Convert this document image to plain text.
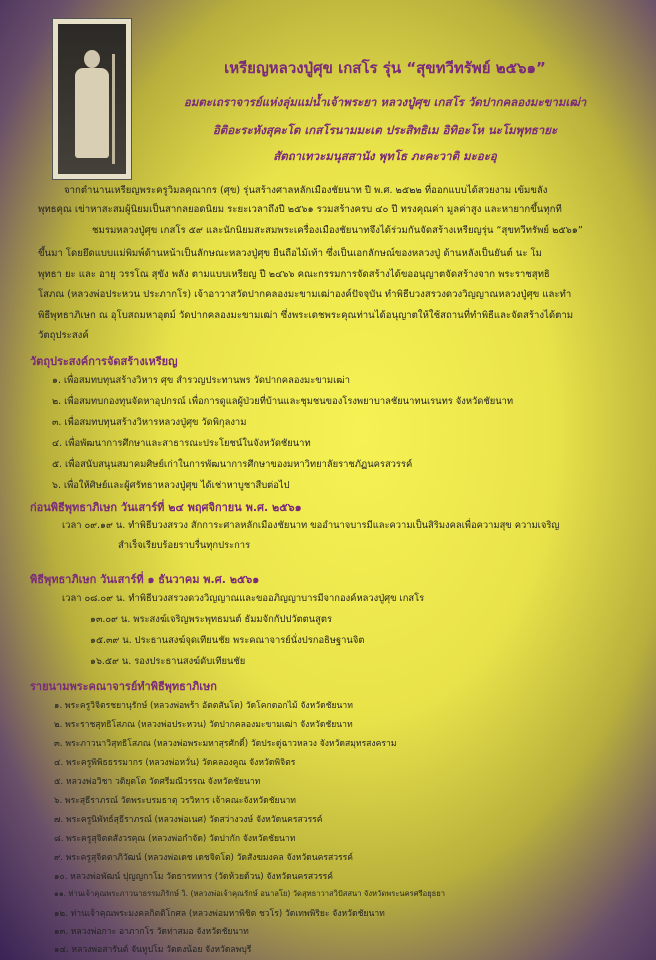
เหรียญหลวงปู่ศุข เกสโร รุ่น “สุขทวีทรัพย์ ๒๕๖๑”
อมตะเถราจารย์แห่งลุ่มแม่น้ำเจ้าพระยา หลวงปู่ศุข เกสโร วัดปากคลองมะขามเฒ่า
อิติอะระหังสุคะโต เกสโรนามมะเต ประสิทธิเม อิทิอะโห นะโมพุทธายะ
สัตถาเทวะมนุสสานัง พุทโธ ภะคะวาติ มะอะอุ
จากตำนานเหรียญพระครูวิมลคุณากร (ศุข) รุ่นสร้างศาลหลักเมืองชัยนาท ปี พ.ศ. ๒๕๒๒ ที่ออกแบบได้สวยงาม เข้มขลัง
พุทธคุณ เข่าหาสะสมผู้นิยมเป็นสากลยอดนิยม ระยะเวลาถึงปี ๒๕๖๑ รวมสร้างครบ ๔๐ ปี ทรงคุณค่า มูลค่าสูง และหายากขึ้นทุกที
ชมรมหลวงปู่ศุข เกสโร ๕๙ และนักนิยมสะสมพระเครื่องเมืองชัยนาทจึงได้ร่วมกันจัดสร้างเหรียญรุ่น “สุขทวีทรัพย์ ๒๕๖๑”
ขึ้นมา โดยยึดแบบแม่พิมพ์ด้านหน้าเป็นลักษณะหลวงปู่ศุข ยืนถือไม้เท้า ซึ่งเป็นเอกลักษณ์ของหลวงปู่ ด้านหลังเป็นยันต์ นะ โม
พุทธา ยะ และ อายุ วรรโณ สุขัง พลัง ตามแบบเหรียญ ปี ๒๔๖๖ คณะกรรมการจัดสร้างได้ขออนุญาตจัดสร้างจาก พระราชสุทธิ
โสภณ (หลวงพ่อประหวน ประภากโร) เจ้าอาวาสวัดปากคลองมะขามเฒ่าองค์ปัจจุบัน ทำพิธีบวงสรวงดวงวิญญาณหลวงปู่ศุข และทำ
พิธีพุทธาภิเษก ณ อุโบสถมหาอุตม์ วัดปากคลองมะขามเฒ่า ซึ่งพระเดชพระคุณท่านได้อนุญาตให้ใช้สถานที่ทำพิธีและจัดสร้างได้ตาม
วัตถุประสงค์
วัตถุประสงค์การจัดสร้างเหรียญ
๑. เพื่อสมทบทุนสร้างวิหาร ศุข สำรวญประทานพร วัดปากคลองมะขามเฒ่า
๒. เพื่อสมทบกองทุนจัดหาอุปกรณ์ เพื่อการดูแลผู้ป่วยที่บ้านและชุมชนของโรงพยาบาลชัยนาทนเรนทร จังหวัดชัยนาท
๓. เพื่อสมทบทุนสร้างวิหารหลวงปู่ศุข วัดพิกุลงาม
๔. เพื่อพัฒนาการศึกษาและสาธารณะประโยชน์ในจังหวัดชัยนาท
๕. เพื่อสนับสนุนสมาคมศิษย์เก่าในการพัฒนาการศึกษาของมหาวิทยาลัยราชภัฏนครสวรรค์
๖. เพื่อให้ศิษย์และผู้ศรัทธาหลวงปู่ศุข ได้เช่าหาบูชาสืบต่อไป
ก่อนพิธีพุทธาภิเษก วันเสาร์ที่ ๒๔ พฤศจิกายน พ.ศ. ๒๕๖๑
เวลา ๐๙.๑๙ น. ทำพิธีบวงสรวง สักการะศาลหลักเมืองชัยนาท ขออำนาจบารมีและความเป็นสิริมงคลเพื่อความสุข ความเจริญ
สำเร็จเรียบร้อยราบรื่นทุกประการ
พิธีพุทธาภิเษก วันเสาร์ที่ ๑ ธันวาคม พ.ศ. ๒๕๖๑
เวลา ๐๘.๐๙ น. ทำพิธีบวงสรวงดวงวิญญาณและขออภิญญาบารมีจากองค์หลวงปู่ศุข เกสโร
๑๓.๐๙ น. พระสงฆ์เจริญพระพุทธมนต์ ธัมมจักกัปปวัตตนสูตร
๑๕.๓๙ น. ประธานสงฆ์จุดเทียนชัย พระคณาจารย์นั่งปรกอธิษฐานจิต
๑๖.๕๙ น. รองประธานสงฆ์ดับเทียนชัย
รายนามพระคณาจารย์ทำพิธีพุทธาภิเษก
๑. พระครูวิจิตรชยานุรักษ์ (หลวงพ่อพร้า อัตตสันโต) วัดโคกดอกไม้ จังหวัดชัยนาท
๒. พระราชสุทธิโสภณ (หลวงพ่อประหวน) วัดปากคลองมะขามเฒ่า จังหวัดชัยนาท
๓. พระภาวนาวิสุทธิโสภณ (หลวงพ่อพระมหาสุรศักดิ์) วัดประดู่ฉาวหลวง จังหวัดสมุทรสงคราม
๔. พระครูพิพิธธรรมากร (หลวงพ่อหวั่น) วัดคลองคูณ จังหวัดพิจิตร
๕. หลวงพ่อวิชา วติยุตโต วัดศรีมณีวรรณ จังหวัดชัยนาท
๖. พระสุธีราภรณ์ วัดพระบรมธาตุ วรวิหาร เจ้าคณะจังหวัดชัยนาท
๗. พระครูนิพัทธ์สุธีราภรณ์ (หลวงพ่อเนศ) วัดสว่างวงษ์ จังหวัดนครสวรรค์
๘. พระครูสุจิตตสังวรคุณ (หลวงพ่อกำจัด) วัดปากัก จังหวัดชัยนาท
๙. พระครูสุจิตตาภิวัฒน์ (หลวงพ่อเดช เดชจิตโต) วัดสังฆมงคล จังหวัดนครสวรรค์
๑๐. หลวงพ่อพัฒน์ ปุญญกาโม วัดธารทหาร (วัดห้วยด้วน) จังหวัดนครสวรรค์
๑๑. ท่านเจ้าคุณพระภาวนาธรรมภิรักษ์ วิ. (หลวงพ่อเจ้าคุณรักษ์ อนาลโย) วัดสุทธาวาสวิปัสสนา จังหวัดพระนครศรีอยุธยา
๑๒. ท่านเจ้าคุณพระมงคลกิตติโกศล (หลวงพ่อมหาพิชิต ชวโร) วัดเทพพิริยะ จังหวัดชัยนาท
๑๓. หลวงพ่อกาะ อาภากโร วัดท่าสมอ จังหวัดชัยนาท
๑๔. หลวงพ่อสารันต์ จันทูปโม วัดดงน้อย จังหวัดลพบุรี
